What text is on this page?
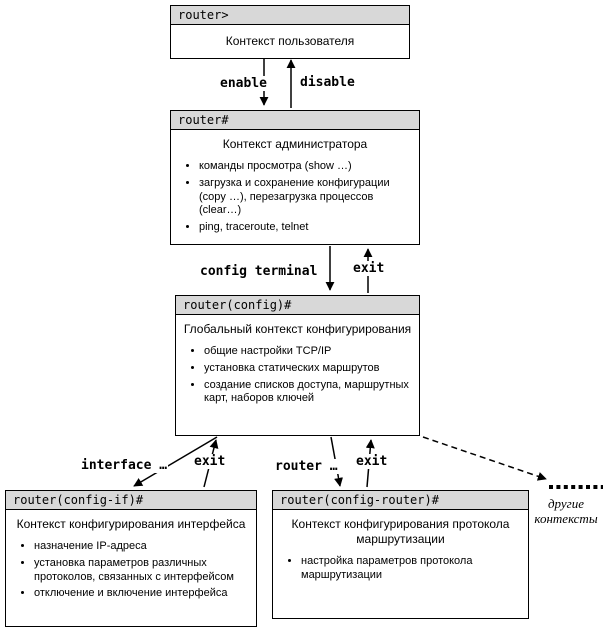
router>
Контекст пользователя
router#
Контекст администратора
• команды просмотра (show …)
• загрузка и сохранение конфигурации (copy …), перезагрузка процессов (clear…)
• ping, traceroute, telnet
router(config)#
Глобальный контекст конфигурирования
• общие настройки TCP/IP
• установка статических маршрутов
• создание списков доступа, маршрутных карт, наборов ключей
router(config-if)#
Контекст конфигурирования интерфейса
• назначение IP-адреса
• установка параметров различных протоколов, связанных с интерфейсом
• отключение и включение интерфейса
router(config-router)#
Контекст конфигурирования протокола маршрутизации
• настройка параметров протокола маршрутизации
enable	disable
config terminal	exit
interface … exit	router … exit
другие контексты
